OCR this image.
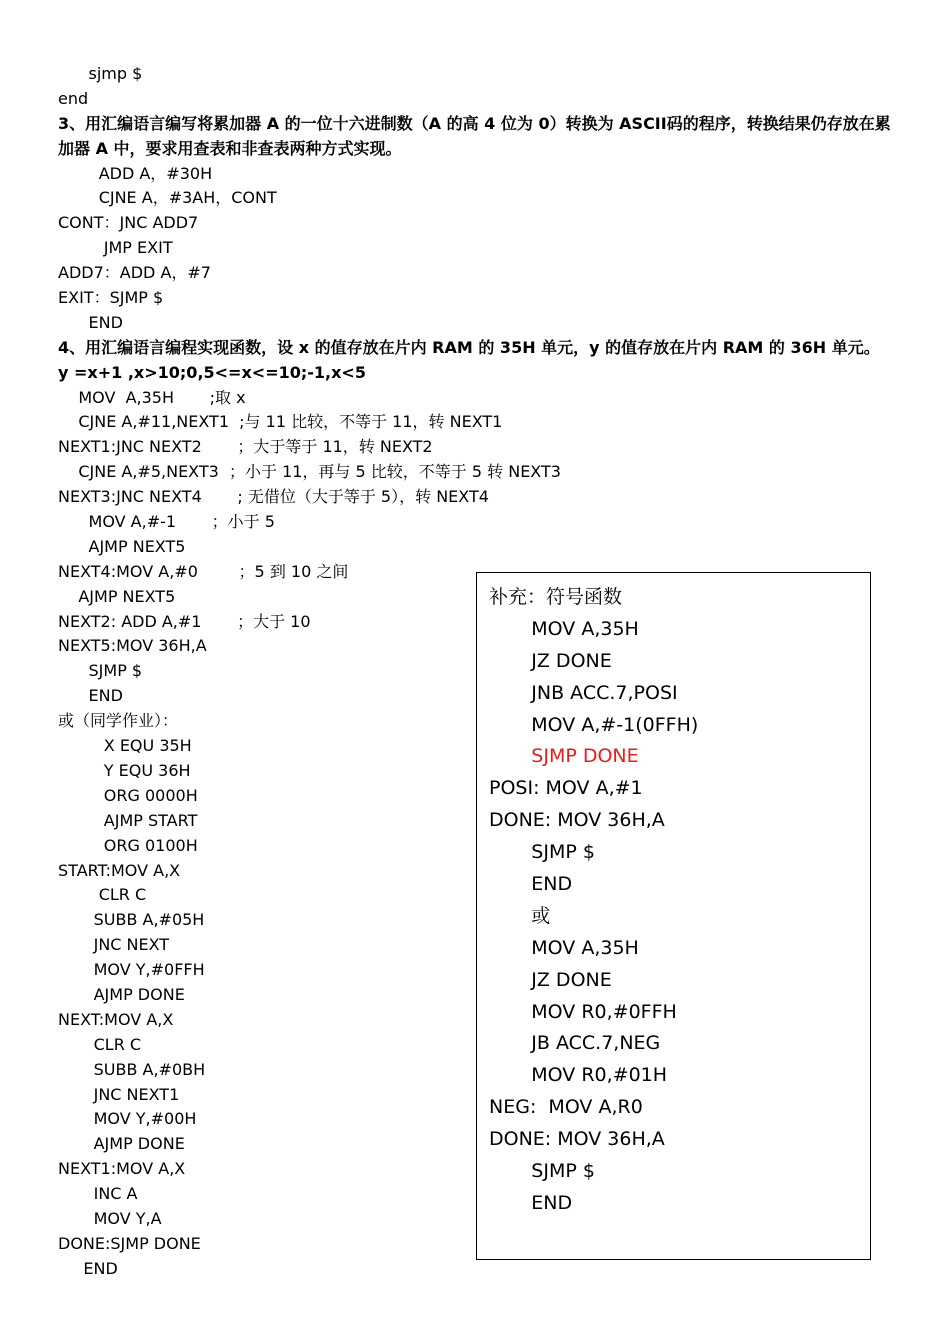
sjmp $
end
3、用汇编语言编写将累加器 A 的一位十六进制数（A 的高 4 位为 0）转换为 ASCII码的程序，转换结果仍存放在累
加器 A 中，要求用查表和非查表两种方式实现。
ADD A，#30H
CJNE A，#3AH，CONT
CONT：JNC ADD7
JMP EXIT
ADD7：ADD A，#7
EXIT：SJMP $
END
4、用汇编语言编程实现函数，设 x 的值存放在片内 RAM 的 35H 单元，y 的值存放在片内 RAM 的 36H 单元。
y =x+1 ,x>10;0,5<=x<=10;-1,x<5
MOV  A,35H       ;取 x
CJNE A,#11,NEXT1  ;与 11 比较，不等于 11，转 NEXT1
NEXT1:JNC NEXT2       ；大于等于 11，转 NEXT2
CJNE A,#5,NEXT3  ；小于 11，再与 5 比较，不等于 5 转 NEXT3
NEXT3:JNC NEXT4       ; 无借位（大于等于 5），转 NEXT4
MOV A,#-1       ；小于 5
AJMP NEXT5
NEXT4:MOV A,#0        ；5 到 10 之间
AJMP NEXT5
NEXT2: ADD A,#1       ；大于 10
NEXT5:MOV 36H,A
SJMP $
END
或（同学作业）：
X EQU 35H
Y EQU 36H
ORG 0000H
AJMP START
ORG 0100H
START:MOV A,X
CLR C
SUBB A,#05H
JNC NEXT
MOV Y,#0FFH
AJMP DONE
NEXT:MOV A,X
CLR C
SUBB A,#0BH
JNC NEXT1
MOV Y,#00H
AJMP DONE
NEXT1:MOV A,X
INC A
MOV Y,A
DONE:SJMP DONE
END
补充：符号函数
MOV A,35H
JZ DONE
JNB ACC.7,POSI
MOV A,#-1(0FFH)
SJMP DONE
POSI: MOV A,#1
DONE: MOV 36H,A
SJMP $
END
或
MOV A,35H
JZ DONE
MOV R0,#0FFH
JB ACC.7,NEG
MOV R0,#01H
NEG:  MOV A,R0
DONE: MOV 36H,A
SJMP $
END
